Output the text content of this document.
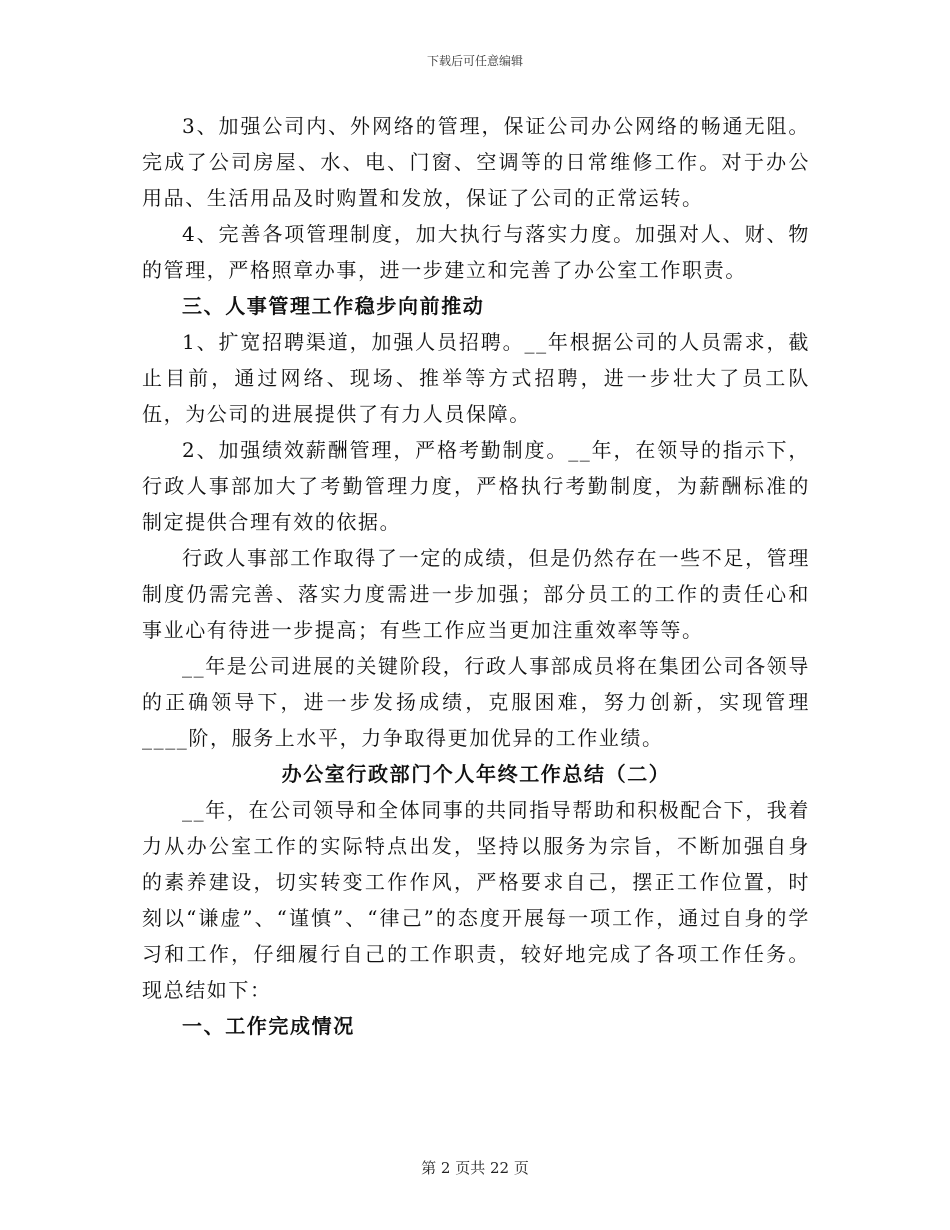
下载后可任意编辑

3、加强公司内、外网络的管理，保证公司办公网络的畅通无阻。完成了公司房屋、水、电、门窗、空调等的日常维修工作。对于办公用品、生活用品及时购置和发放，保证了公司的正常运转。

4、完善各项管理制度，加大执行与落实力度。加强对人、财、物的管理，严格照章办事，进一步建立和完善了办公室工作职责。

三、人事管理工作稳步向前推动

1、扩宽招聘渠道，加强人员招聘。__年根据公司的人员需求，截止目前，通过网络、现场、推举等方式招聘，进一步壮大了员工队伍，为公司的进展提供了有力人员保障。

2、加强绩效薪酬管理，严格考勤制度。__年，在领导的指示下，行政人事部加大了考勤管理力度，严格执行考勤制度，为薪酬标准的制定提供合理有效的依据。

行政人事部工作取得了一定的成绩，但是仍然存在一些不足，管理制度仍需完善、落实力度需进一步加强；部分员工的工作的责任心和事业心有待进一步提高；有些工作应当更加注重效率等等。

__年是公司进展的关键阶段，行政人事部成员将在集团公司各领导的正确领导下，进一步发扬成绩，克服困难，努力创新，实现管理____阶，服务上水平，力争取得更加优异的工作业绩。

办公室行政部门个人年终工作总结（二）

__年，在公司领导和全体同事的共同指导帮助和积极配合下，我着力从办公室工作的实际特点出发，坚持以服务为宗旨，不断加强自身的素养建设，切实转变工作作风，严格要求自己，摆正工作位置，时刻以“谦虚”、“谨慎”、“律己”的态度开展每一项工作，通过自身的学习和工作，仔细履行自己的工作职责，较好地完成了各项工作任务。现总结如下：

一、工作完成情况

第 2 页共 22 页
